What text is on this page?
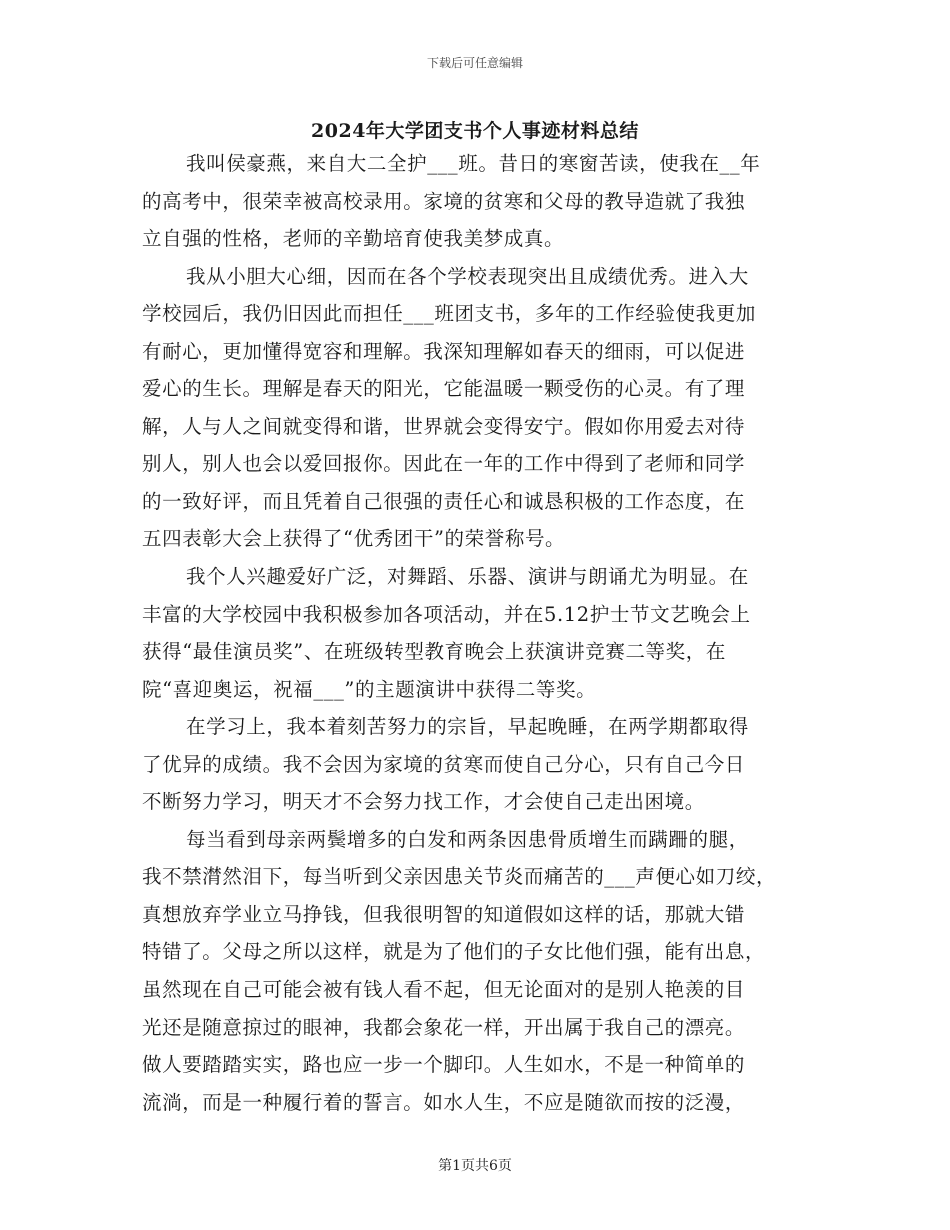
下载后可任意编辑
2024年大学团支书个人事迹材料总结
我叫侯豪燕，来自大二全护___班。昔日的寒窗苦读，使我在__年
的高考中，很荣幸被高校录用。家境的贫寒和父母的教导造就了我独
立自强的性格，老师的辛勤培育使我美梦成真。
我从小胆大心细，因而在各个学校表现突出且成绩优秀。进入大
学校园后，我仍旧因此而担任___班团支书，多年的工作经验使我更加
有耐心，更加懂得宽容和理解。我深知理解如春天的细雨，可以促进
爱心的生长。理解是春天的阳光，它能温暖一颗受伤的心灵。有了理
解，人与人之间就变得和谐，世界就会变得安宁。假如你用爱去对待
别人，别人也会以爱回报你。因此在一年的工作中得到了老师和同学
的一致好评，而且凭着自己很强的责任心和诚恳积极的工作态度，在
五四表彰大会上获得了“优秀团干”的荣誉称号。
我个人兴趣爱好广泛，对舞蹈、乐器、演讲与朗诵尤为明显。在
丰富的大学校园中我积极参加各项活动，并在5.12护士节文艺晚会上
获得“最佳演员奖”、在班级转型教育晚会上获演讲竞赛二等奖，在
院“喜迎奥运，祝福___”的主题演讲中获得二等奖。
在学习上，我本着刻苦努力的宗旨，早起晚睡，在两学期都取得
了优异的成绩。我不会因为家境的贫寒而使自己分心，只有自己今日
不断努力学习，明天才不会努力找工作，才会使自己走出困境。
每当看到母亲两鬓增多的白发和两条因患骨质增生而蹒跚的腿，
我不禁潸然泪下，每当听到父亲因患关节炎而痛苦的___声便心如刀绞，
真想放弃学业立马挣钱，但我很明智的知道假如这样的话，那就大错
特错了。父母之所以这样，就是为了他们的子女比他们强，能有出息，
虽然现在自己可能会被有钱人看不起，但无论面对的是别人艳羡的目
光还是随意掠过的眼神，我都会象花一样，开出属于我自己的漂亮。
做人要踏踏实实，路也应一步一个脚印。人生如水，不是一种简单的
流淌，而是一种履行着的誓言。如水人生，不应是随欲而按的泛漫，
第1页共6页
